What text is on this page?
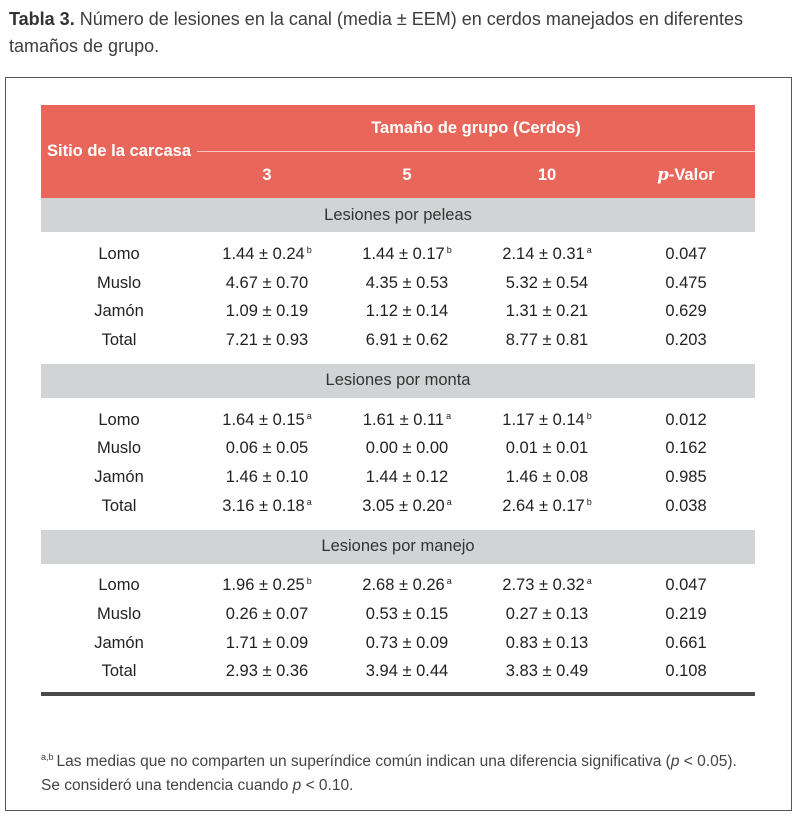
Tabla 3. Número de lesiones en la canal (media ± EEM) en cerdos manejados en diferentes tamaños de grupo.
Sitio de la carcasa	Tamaño de grupo (Cerdos)			
	3	5	10	p-Valor
Lesiones por peleas				

Lomo	1.44 ± 0.24 $^b$	1.44 ± 0.17 $^b$	2.14 ± 0.31 $^a$	0.047
Muslo	4.67 ± 0.70	4.35 ± 0.53	5.32 ± 0.54	0.475
Jamón	1.09 ± 0.19	1.12 ± 0.14	1.31 ± 0.21	0.629
Total	7.21 ± 0.93	6.91 ± 0.62	8.77 ± 0.81	0.203

Lesiones por monta				

Lomo	1.64 ± 0.15 $^a$	1.61 ± 0.11 $^a$	1.17 ± 0.14 $^b$	0.012
Muslo	0.06 ± 0.05	0.00 ± 0.00	0.01 ± 0.01	0.162
Jamón	1.46 ± 0.10	1.44 ± 0.12	1.46 ± 0.08	0.985
Total	3.16 ± 0.18 $^a$	3.05 ± 0.20 $^a$	2.64 ± 0.17 $^b$	0.038

Lesiones por manejo				

Lomo	1.96 ± 0.25 $^b$	2.68 ± 0.26 $^a$	2.73 ± 0.32 $^a$	0.047
Muslo	0.26 ± 0.07	0.53 ± 0.15	0.27 ± 0.13	0.219
Jamón	1.71 ± 0.09	0.73 ± 0.09	0.83 ± 0.13	0.661
Total	2.93 ± 0.36	3.94 ± 0.44	3.83 ± 0.49	0.108

$^{a,b}$ Las medias que no comparten un superíndice común indican una diferencia significativa (p < 0.05).
Se consideró una tendencia cuando p < 0.10.
